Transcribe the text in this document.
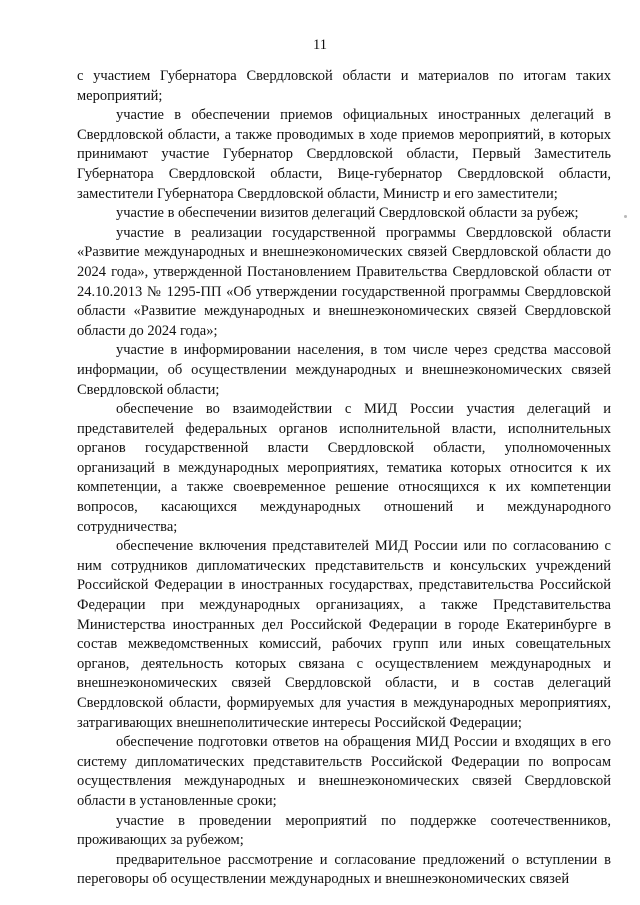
11

с участием Губернатора Свердловской области и материалов по итогам таких мероприятий;

участие в обеспечении приемов официальных иностранных делегаций в Свердловской области, а также проводимых в ходе приемов мероприятий, в которых принимают участие Губернатор Свердловской области, Первый Заместитель Губернатора Свердловской области, Вице-губернатор Свердловской области, заместители Губернатора Свердловской области, Министр и его заместители;

участие в обеспечении визитов делегаций Свердловской области за рубеж;

участие в реализации государственной программы Свердловской области «Развитие международных и внешнеэкономических связей Свердловской области до 2024 года», утвержденной Постановлением Правительства Свердловской области от 24.10.2013 № 1295-ПП «Об утверждении государственной программы Свердловской области «Развитие международных и внешнеэкономических связей Свердловской области до 2024 года»;

участие в информировании населения, в том числе через средства массовой информации, об осуществлении международных и внешнеэкономических связей Свердловской области;

обеспечение во взаимодействии с МИД России участия делегаций и представителей федеральных органов исполнительной власти, исполнительных органов государственной власти Свердловской области, уполномоченных организаций в международных мероприятиях, тематика которых относится к их компетенции, а также своевременное решение относящихся к их компетенции вопросов, касающихся международных отношений и международного сотрудничества;

обеспечение включения представителей МИД России или по согласованию с ним сотрудников дипломатических представительств и консульских учреждений Российской Федерации в иностранных государствах, представительства Российской Федерации при международных организациях, а также Представительства Министерства иностранных дел Российской Федерации в городе Екатеринбурге в состав межведомственных комиссий, рабочих групп или иных совещательных органов, деятельность которых связана с осуществлением международных и внешнеэкономических связей Свердловской области, и в состав делегаций Свердловской области, формируемых для участия в международных мероприятиях, затрагивающих внешнеполитические интересы Российской Федерации;

обеспечение подготовки ответов на обращения МИД России и входящих в его систему дипломатических представительств Российской Федерации по вопросам осуществления международных и внешнеэкономических связей Свердловской области в установленные сроки;

участие в проведении мероприятий по поддержке соотечественников, проживающих за рубежом;

предварительное рассмотрение и согласование предложений о вступлении в переговоры об осуществлении международных и внешнеэкономических связей
